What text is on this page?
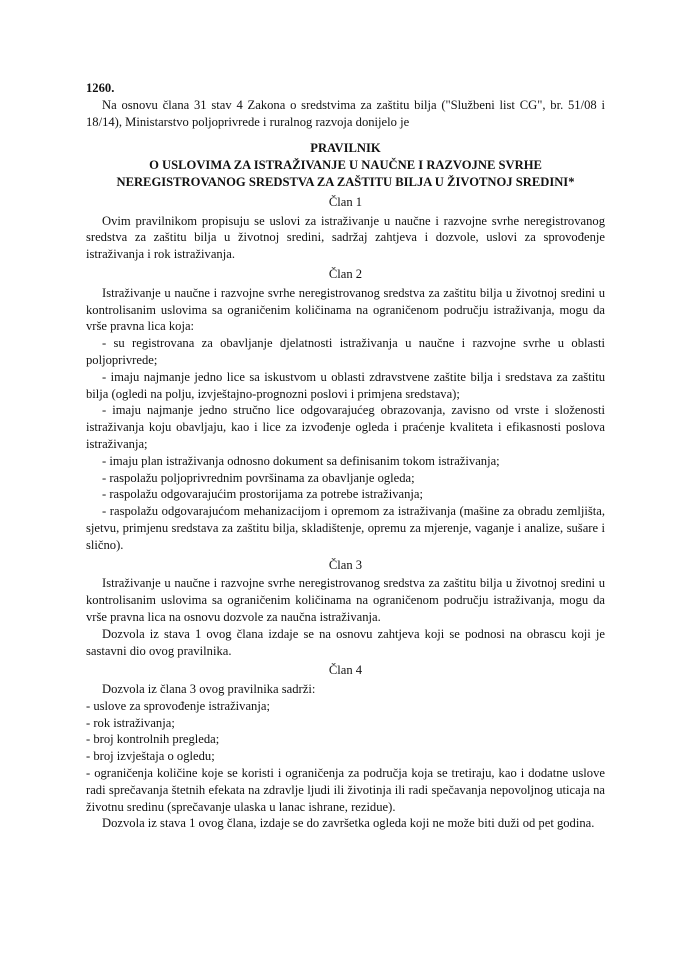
1260.

Na osnovu člana 31 stav 4 Zakona o sredstvima za zaštitu bilja ("Službeni list CG", br. 51/08 i 18/14), Ministarstvo poljoprivrede i ruralnog razvoja donijelo je

PRAVILNIK
O USLOVIMA ZA ISTRAŽIVANJE U NAUČNE I RAZVOJNE SVRHE
NEREGISTROVANOG SREDSTVA ZA ZAŠTITU BILJA U ŽIVOTNOJ SREDINI*
Član 1

Ovim pravilnikom propisuju se uslovi za istraživanje u naučne i razvojne svrhe neregistrovanog sredstva za zaštitu bilja u životnoj sredini, sadržaj zahtjeva i dozvole, uslovi za sprovođenje istraživanja i rok istraživanja.

Član 2

Istraživanje u naučne i razvojne svrhe neregistrovanog sredstva za zaštitu bilja u životnoj sredini u kontrolisanim uslovima sa ograničenim količinama na ograničenom području istraživanja, mogu da vrše pravna lica koja:

- su registrovana za obavljanje djelatnosti istraživanja u naučne i razvojne svrhe u oblasti poljoprivrede;

- imaju najmanje jedno lice sa iskustvom u oblasti zdravstvene zaštite bilja i sredstava za zaštitu bilja (ogledi na polju, izvještajno-prognozni poslovi i primjena sredstava);

- imaju najmanje jedno stručno lice odgovarajućeg obrazovanja, zavisno od vrste i složenosti istraživanja koju obavljaju, kao i lice za izvođenje ogleda i praćenje kvaliteta i efikasnosti poslova istraživanja;

- imaju plan istraživanja odnosno dokument sa definisanim tokom istraživanja;

- raspolažu poljoprivrednim površinama za obavljanje ogleda;

- raspolažu odgovarajućim prostorijama za potrebe istraživanja;

- raspolažu odgovarajućom mehanizacijom i opremom za istraživanja (mašine za obradu zemljišta, sjetvu, primjenu sredstava za zaštitu bilja, skladištenje, opremu za mjerenje, vaganje i analize, sušare i slično).

Član 3

Istraživanje u naučne i razvojne svrhe neregistrovanog sredstva za zaštitu bilja u životnoj sredini u kontrolisanim uslovima sa ograničenim količinama na ograničenom području istraživanja, mogu da vrše pravna lica na osnovu dozvole za naučna istraživanja.

Dozvola iz stava 1 ovog člana izdaje se na osnovu zahtjeva koji se podnosi na obrascu koji je sastavni dio ovog pravilnika.

Član 4

Dozvola iz člana 3 ovog pravilnika sadrži:

- uslove za sprovođenje istraživanja;

- rok istraživanja;

- broj kontrolnih pregleda;

- broj izvještaja o ogledu;

- ograničenja količine koje se koristi i ograničenja za područja koja se tretiraju, kao i dodatne uslove radi sprečavanja štetnih efekata na zdravlje ljudi ili životinja ili radi spečavanja nepovoljnog uticaja na životnu sredinu (sprečavanje ulaska u lanac ishrane, rezidue).

Dozvola iz stava 1 ovog člana, izdaje se do završetka ogleda koji ne može biti duži od pet godina.
